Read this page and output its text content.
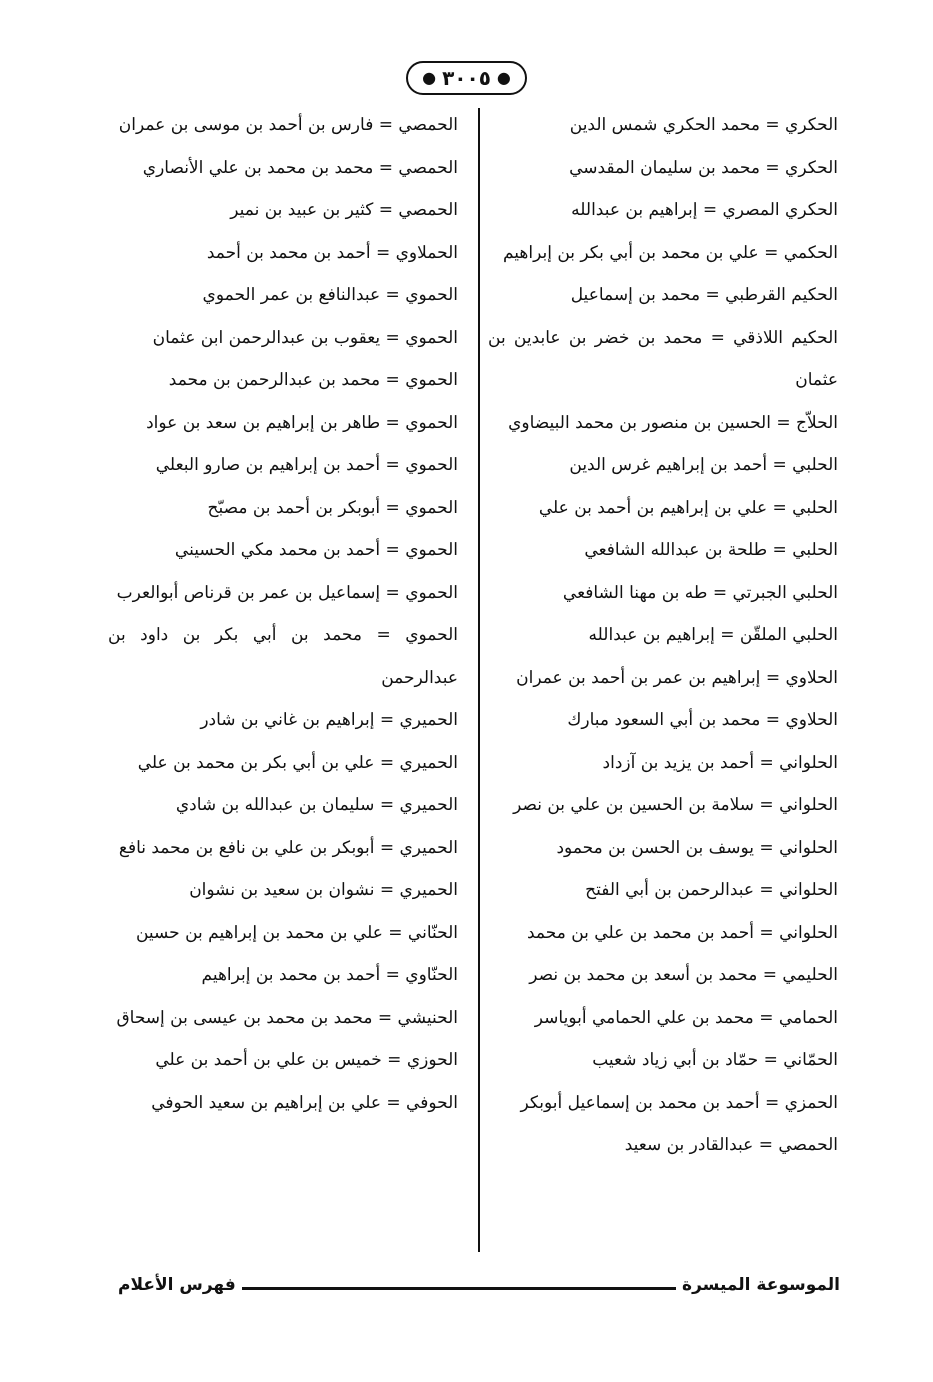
● ٣٠٠٥ ●

الحكري = محمد الحكري شمس الدين

الحكري = محمد بن سليمان المقدسي

الحكري المصري = إبراهيم بن عبدالله

الحكمي = علي بن محمد بن أبي بكر بن إبراهيم

الحكيم القرطبي = محمد بن إسماعيل

الحكيم اللاذقي = محمد بن خضر بن عابدين بن عثمان

الحلاّج = الحسين بن منصور بن محمد البيضاوي

الحلبي = أحمد بن إبراهيم غرس الدين

الحلبي = علي بن إبراهيم بن أحمد بن علي

الحلبي = طلحة بن عبدالله الشافعي

الحلبي الجبرتي = طه بن مهنا الشافعي

الحلبي الملقّن = إبراهيم بن عبدالله

الحلاوي = إبراهيم بن عمر بن أحمد بن عمران

الحلاوي = محمد بن أبي السعود مبارك

الحلواني = أحمد بن يزيد بن آزداد

الحلواني = سلامة بن الحسين بن علي بن نصر

الحلواني = يوسف بن الحسن بن محمود

الحلواني = عبدالرحمن بن أبي الفتح

الحلواني = أحمد بن محمد بن علي بن محمد

الحليمي = محمد بن أسعد بن محمد بن نصر

الحمامي = محمد بن علي الحمامي أبوياسر

الحمّاني = حمّاد بن أبي زياد شعيب

الحمزي = أحمد بن محمد بن إسماعيل أبوبكر

الحمصي = عبدالقادر بن سعيد

الحمصي = فارس بن أحمد بن موسى بن عمران

الحمصي = محمد بن محمد بن علي الأنصاري

الحمصي = كثير بن عبيد بن نمير

الحملاوي = أحمد بن محمد بن أحمد

الحموي = عبدالنافع بن عمر الحموي

الحموي = يعقوب بن عبدالرحمن ابن عثمان

الحموي = محمد بن عبدالرحمن بن محمد

الحموي = طاهر بن إبراهيم بن سعد بن عواد

الحموي = أحمد بن إبراهيم بن صارو البعلي

الحموي = أبوبكر بن أحمد بن مصبّح

الحموي = أحمد بن محمد مكي الحسيني

الحموي = إسماعيل بن عمر بن قرناص أبوالعرب

الحموي = محمد بن أبي بكر بن داود بن عبدالرحمن

الحميري = إبراهيم بن غاني بن شادر

الحميري = علي بن أبي بكر بن محمد بن علي

الحميري = سليمان بن عبدالله بن شادي

الحميري = أبوبكر بن علي بن نافع بن محمد نافع

الحميري = نشوان بن سعيد بن نشوان

الحنّاني = علي بن محمد بن إبراهيم بن حسين

الحنّاوي = أحمد بن محمد بن إبراهيم

الحنيشي = محمد بن محمد بن عيسى بن إسحاق

الحوزي = خميس بن علي بن أحمد بن علي

الحوفي = علي بن إبراهيم بن سعيد الحوفي

الموسوعة الميسرة
فهرس الأعلام
